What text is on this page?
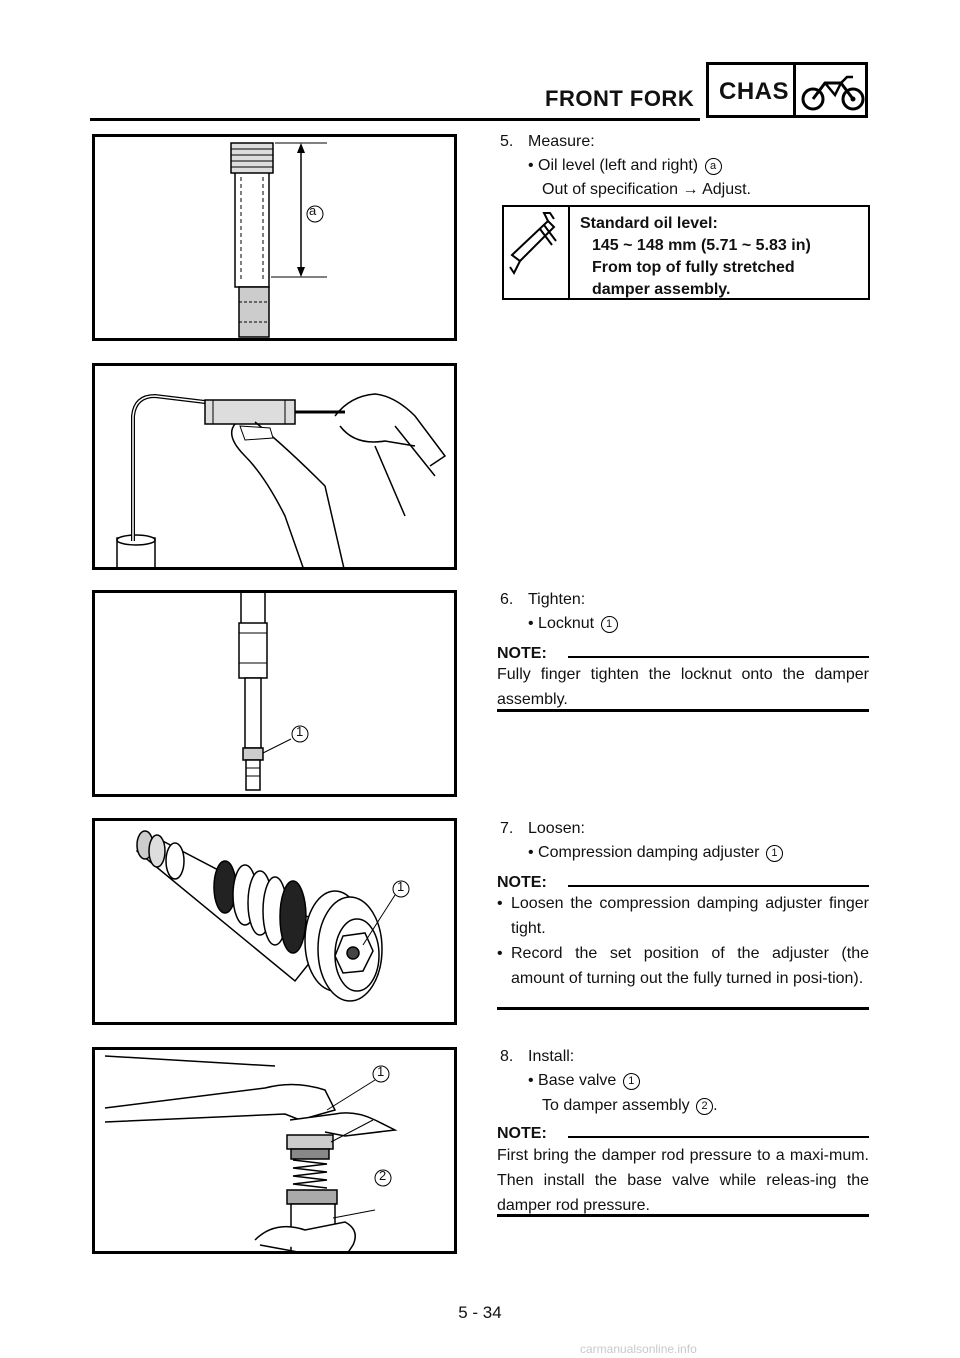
FRONT FORK CHAS
a
5. Measure:
• Oil level (left and right) a
Out of specification → Adjust.
Standard oil level:
145 ~ 148 mm (5.71 ~ 5.83 in)
From top of fully stretched
damper assembly.
1
6. Tighten:
• Locknut 1
NOTE:
Fully finger tighten the locknut onto the damper assembly.
1
7. Loosen:
• Compression damping adjuster 1
NOTE:
• Loosen the compression damping adjuster finger tight.
• Record the set position of the adjuster (the amount of turning out the fully turned in posi-tion).
1
2
8. Install:
• Base valve 1
To damper assembly 2 .
NOTE:
First bring the damper rod pressure to a maxi-mum. Then install the base valve while releas-ing the damper rod pressure.
5 - 34
carmanualsonline.info
